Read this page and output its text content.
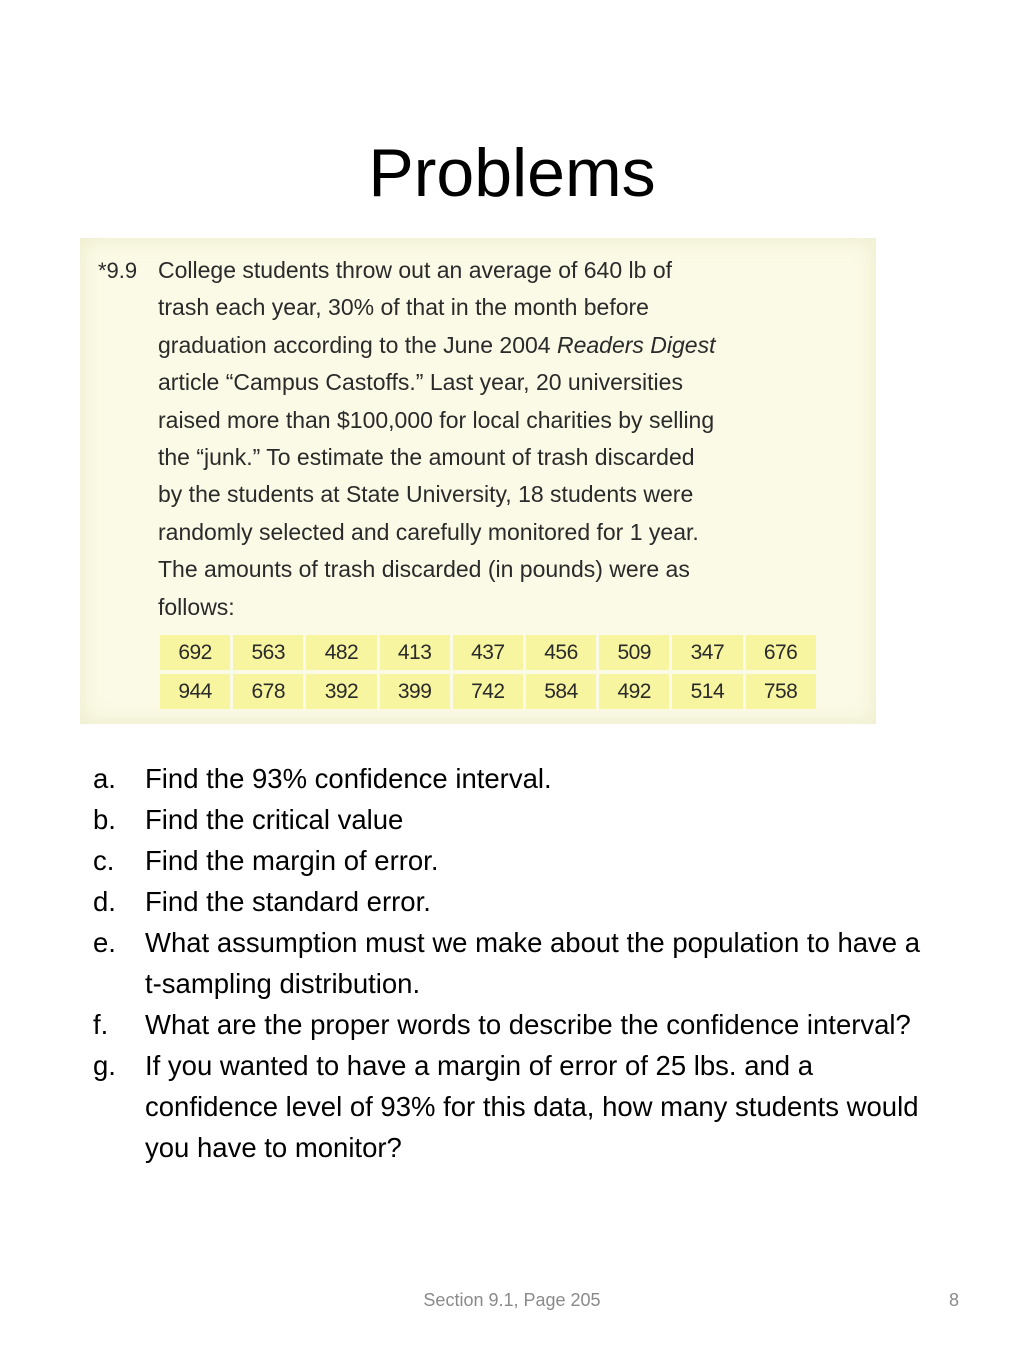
Problems
*9.9 College students throw out an average of 640 lb of
trash each year, 30% of that in the month before
graduation according to the June 2004 Readers Digest
article “Campus Castoffs.” Last year, 20 universities
raised more than $100,000 for local charities by selling
the “junk.” To estimate the amount of trash discarded
by the students at State University, 18 students were
randomly selected and carefully monitored for 1 year.
The amounts of trash discarded (in pounds) were as
follows:
692	563	482	413	437	456	509	347	676
944	678	392	399	742	584	492	514	758
a. Find the 93% confidence interval.
b. Find the critical value
c. Find the margin of error.
d. Find the standard error.
e. What assumption must we make about the population to have a t-sampling distribution.
f. What are the proper words to describe the confidence interval?
g. If you wanted to have a margin of error of 25 lbs. and a confidence level of 93% for this data, how many students would you have to monitor?
Section 9.1, Page 205	8
